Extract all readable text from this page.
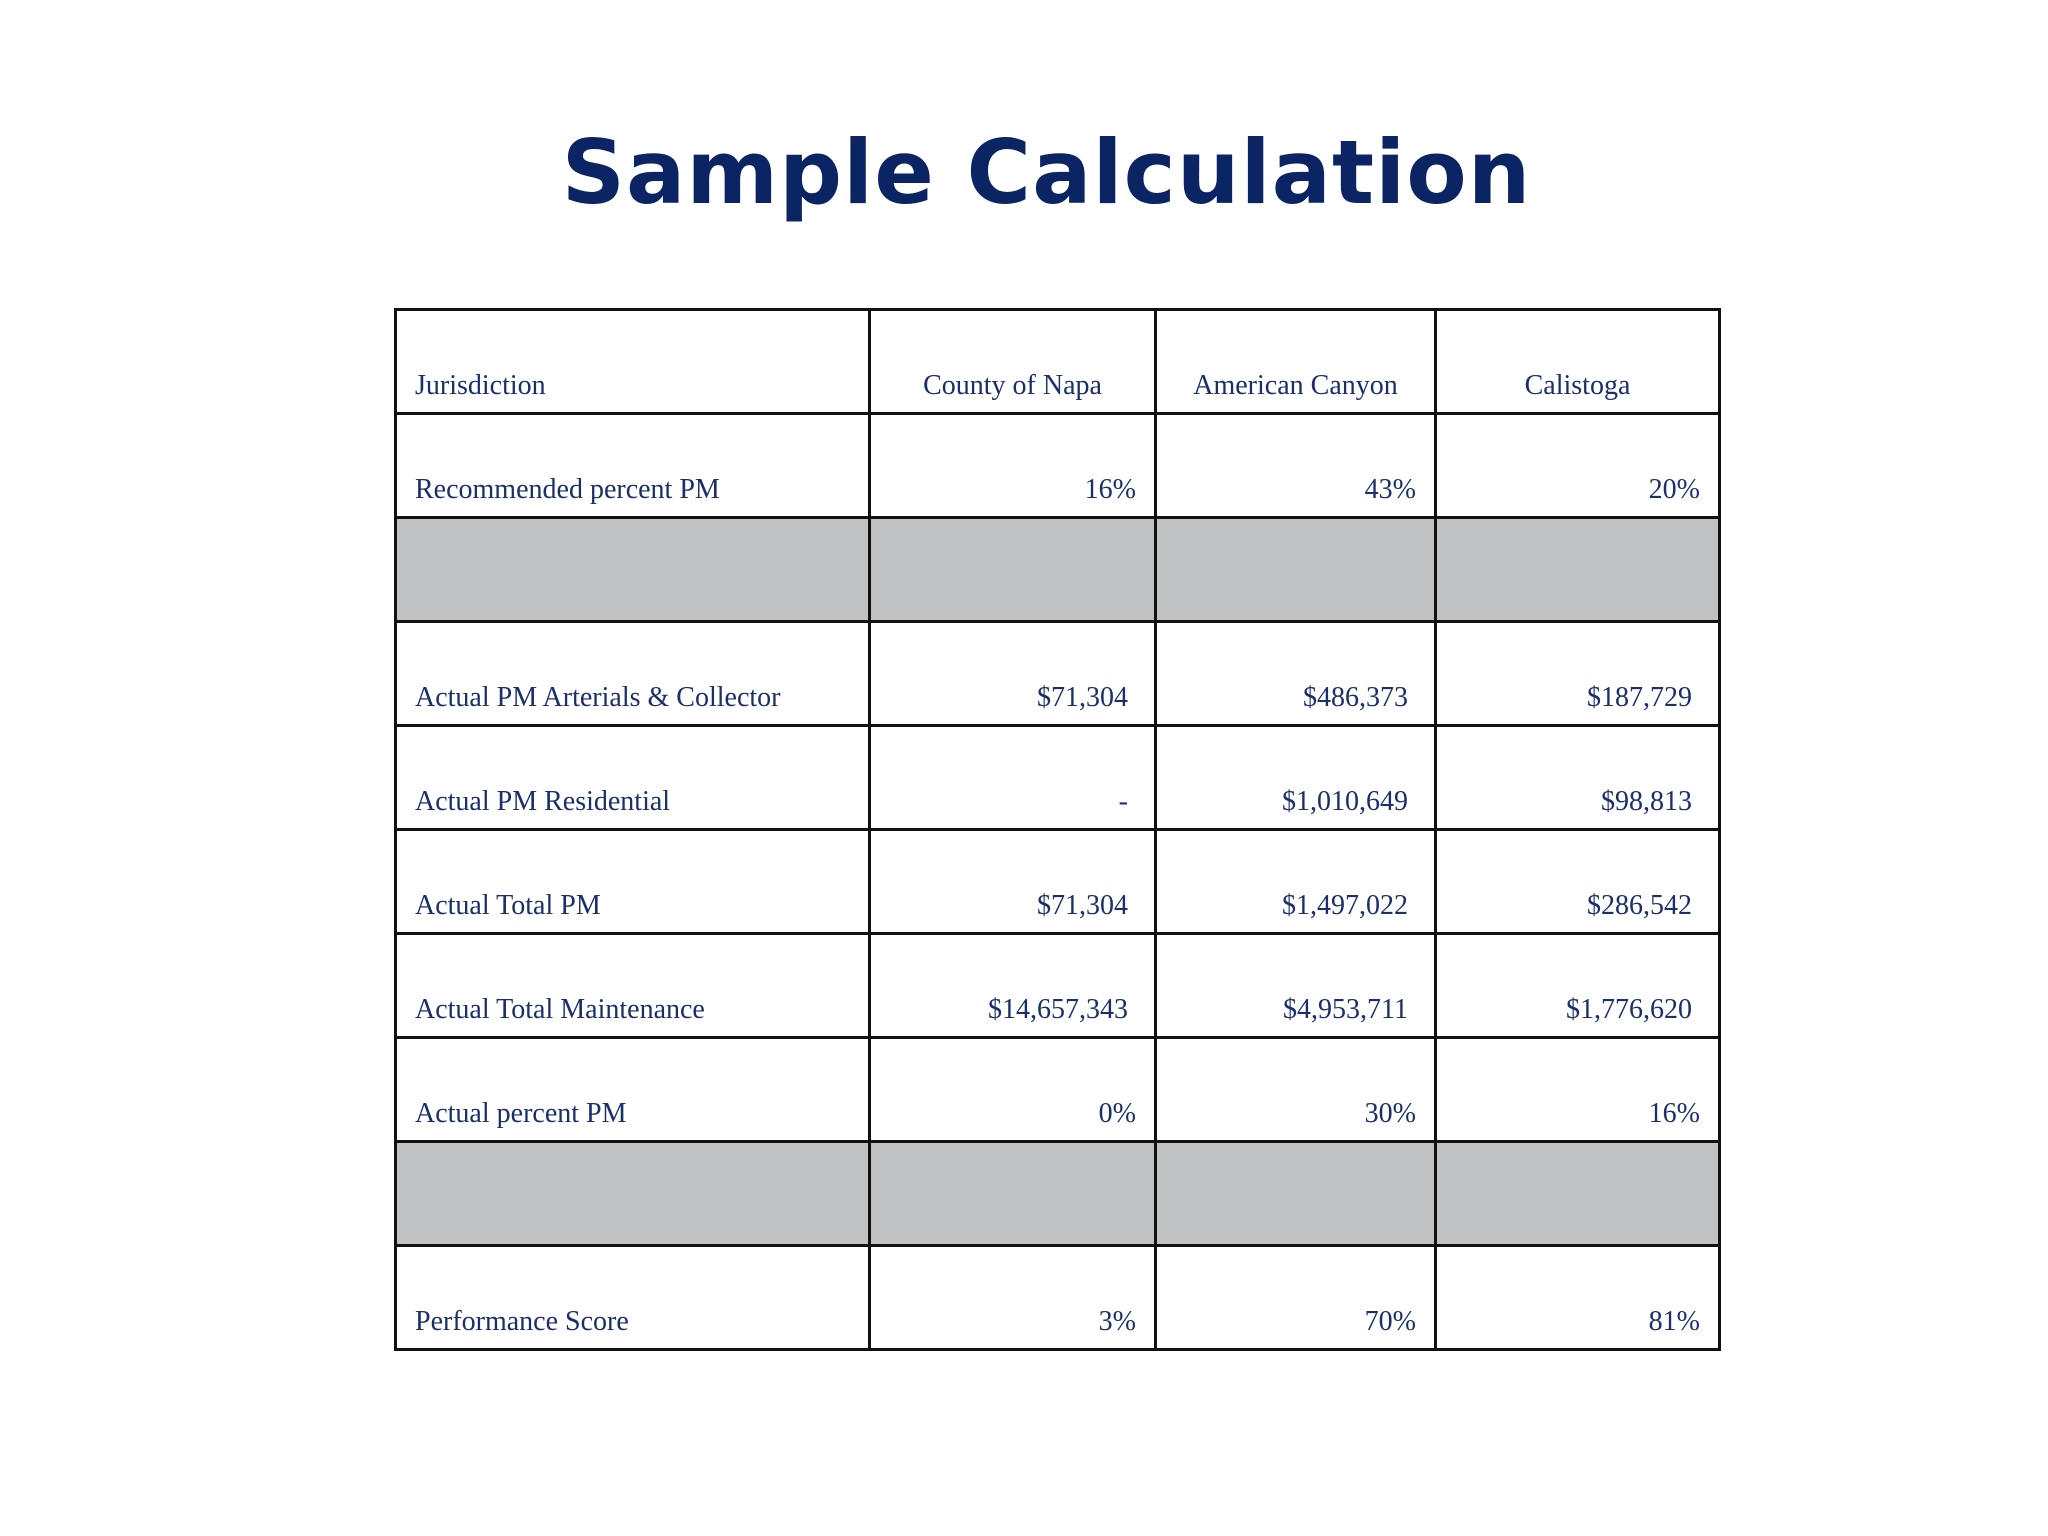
Sample Calculation
Jurisdiction	County of Napa	American Canyon	Calistoga
Recommended percent PM	16%	43%	20%

Actual PM Arterials & Collector	$71,304	$486,373	$187,729
Actual PM Residential	-	$1,010,649	$98,813
Actual Total PM	$71,304	$1,497,022	$286,542
Actual Total Maintenance	$14,657,343	$4,953,711	$1,776,620
Actual percent PM	0%	30%	16%

Performance Score	3%	70%	81%
